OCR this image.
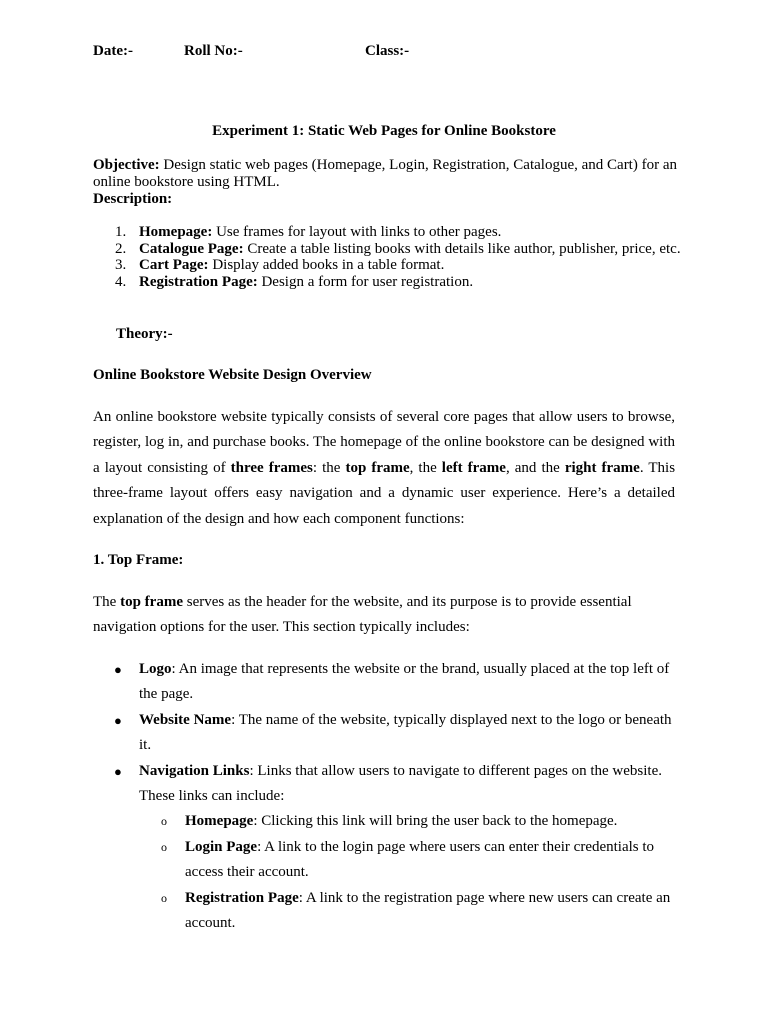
Date:-	Roll No:-	Class:-
Experiment 1: Static Web Pages for Online Bookstore
Objective: Design static web pages (Homepage, Login, Registration, Catalogue, and Cart) for an online bookstore using HTML.
Description:
1. Homepage: Use frames for layout with links to other pages.
2. Catalogue Page: Create a table listing books with details like author, publisher, price, etc.
3. Cart Page: Display added books in a table format.
4. Registration Page: Design a form for user registration.
Theory:-
Online Bookstore Website Design Overview

An online bookstore website typically consists of several core pages that allow users to browse, register, log in, and purchase books. The homepage of the online bookstore can be designed with a layout consisting of three frames: the top frame, the left frame, and the right frame. This three-frame layout offers easy navigation and a dynamic user experience. Here’s a detailed explanation of the design and how each component functions:

1. Top Frame:

The top frame serves as the header for the website, and its purpose is to provide essential navigation options for the user. This section typically includes:

● Logo: An image that represents the website or the brand, usually placed at the top left of the page.
● Website Name: The name of the website, typically displayed next to the logo or beneath it.
● Navigation Links: Links that allow users to navigate to different pages on the website. These links can include:
o Homepage: Clicking this link will bring the user back to the homepage.
o Login Page: A link to the login page where users can enter their credentials to access their account.
o Registration Page: A link to the registration page where new users can create an account.
